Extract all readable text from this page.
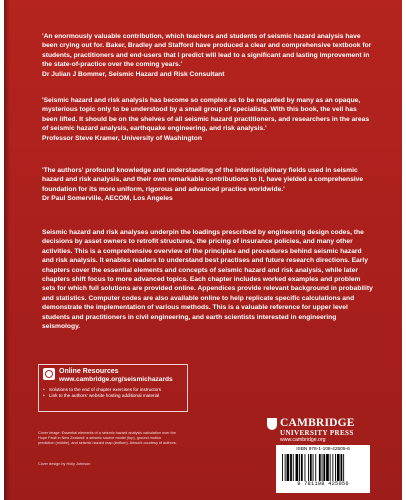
'An enormously valuable contribution, which teachers and students of seismic hazard analysis have been crying out for. Baker, Bradley and Stafford have produced a clear and comprehensive textbook for students, practitioners and end-users that I predict will lead to a significant and lasting improvement in the state-of-practice over the coming years.'
Dr Julian J Bommer, Seismic Hazard and Risk Consultant
'Seismic hazard and risk analysis has become so complex as to be regarded by many as an opaque, mysterious topic only to be understood by a small group of specialists. With this book, the veil has been lifted. It should be on the shelves of all seismic hazard practitioners, and researchers in the areas of seismic hazard analysis, earthquake engineering, and risk analysis.'
Professor Steve Kramer, University of Washington
'The authors' profound knowledge and understanding of the interdisciplinary fields used in seismic hazard and risk analysis, and their own remarkable contributions to it, have yielded a comprehensive foundation for its more uniform, rigorous and advanced practice worldwide.'
Dr Paul Somerville, AECOM, Los Angeles
Seismic hazard and risk analyses underpin the loadings prescribed by engineering design codes, the decisions by asset owners to retrofit structures, the pricing of insurance policies, and many other activities. This is a comprehensive overview of the principles and procedures behind seismic hazard and risk analysis. It enables readers to understand best practises and future research directions. Early chapters cover the essential elements and concepts of seismic hazard and risk analysis, while later chapters shift focus to more advanced topics. Each chapter includes worked examples and problem sets for which full solutions are provided online. Appendices provide relevant background in probability and statistics. Computer codes are also available online to help replicate specific calculations and demonstrate the implementation of various methods. This is a valuable reference for upper level students and practitioners in civil engineering, and earth scientists interested in engineering seismology.
Online Resources
www.cambridge.org/seismichazards
• Solutions to the end of chapter exercises for instructors
• Link to the authors' website hosting additional material
Cover image: Essential elements of a seismic hazard analysis calculation over the Hope Fault in New Zealand: a seismic source model (top), ground motion prediction (middle), and seismic hazard map (bottom). Artwork courtesy of authors.
Cover design by Holly Johnson
CAMBRIDGE
UNIVERSITY PRESS
www.cambridge.org
ISBN 978-1-108-42505-6
9 781108 425056
